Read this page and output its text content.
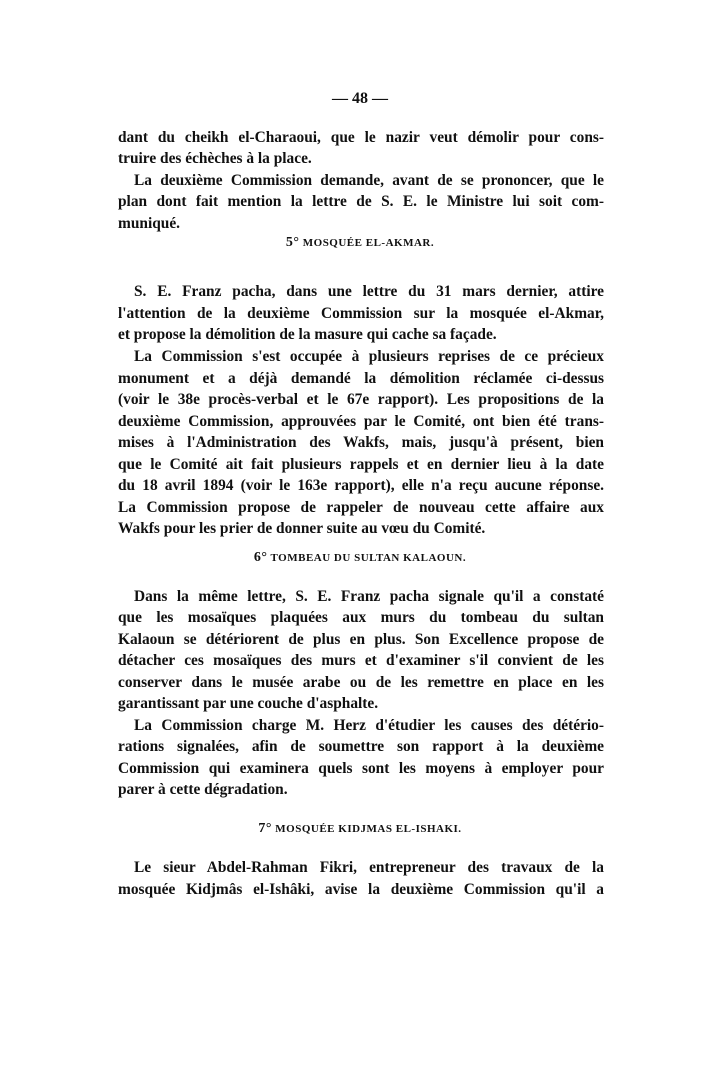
— 48 —
dant du cheikh el-Charaoui, que le nazir veut démolir pour cons-
truire des échèches à la place.
La deuxième Commission demande, avant de se prononcer, que le
plan dont fait mention la lettre de S. E. le Ministre lui soit com-
muniqué.
5° MOSQUÉE EL-AKMAR.
S. E. Franz pacha, dans une lettre du 31 mars dernier, attire
l'attention de la deuxième Commission sur la mosquée el-Akmar,
et propose la démolition de la masure qui cache sa façade.
La Commission s'est occupée à plusieurs reprises de ce précieux
monument et a déjà demandé la démolition réclamée ci-dessus
(voir le 38e procès-verbal et le 67e rapport). Les propositions de la
deuxième Commission, approuvées par le Comité, ont bien été trans-
mises à l'Administration des Wakfs, mais, jusqu'à présent, bien
que le Comité ait fait plusieurs rappels et en dernier lieu à la date
du 18 avril 1894 (voir le 163e rapport), elle n'a reçu aucune réponse.
La Commission propose de rappeler de nouveau cette affaire aux
Wakfs pour les prier de donner suite au vœu du Comité.
6° TOMBEAU DU SULTAN KALAOUN.
Dans la même lettre, S. E. Franz pacha signale qu'il a constaté
que les mosaïques plaquées aux murs du tombeau du sultan
Kalaoun se détériorent de plus en plus. Son Excellence propose de
détacher ces mosaïques des murs et d'examiner s'il convient de les
conserver dans le musée arabe ou de les remettre en place en les
garantissant par une couche d'asphalte.
La Commission charge M. Herz d'étudier les causes des détério-
rations signalées, afin de soumettre son rapport à la deuxième
Commission qui examinera quels sont les moyens à employer pour
parer à cette dégradation.
7° MOSQUÉE KIDJMAS EL-ISHAKI.
Le sieur Abdel-Rahman Fikri, entrepreneur des travaux de la
mosquée Kidjmâs el-Ishâki, avise la deuxième Commission qu'il a
